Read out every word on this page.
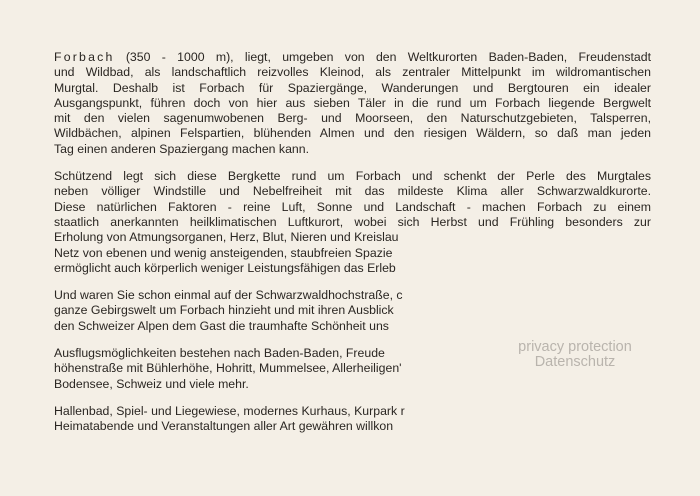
Forbach (350 - 1000 m), liegt, umgeben von den Weltkurorten Baden-Baden, Freudenstadt
und Wildbad, als landschaftlich reizvolles Kleinod, als zentraler Mittelpunkt im wildromantischen
Murgtal. Deshalb ist Forbach für Spaziergänge, Wanderungen und Bergtouren ein idealer
Ausgangspunkt, führen doch von hier aus sieben Täler in die rund um Forbach liegende Bergwelt
mit den vielen sagenumwobenen Berg- und Moorseen, den Naturschutzgebieten, Talsperren,
Wildbächen, alpinen Felspartien, blühenden Almen und den riesigen Wäldern, so daß man jeden
Tag einen anderen Spaziergang machen kann.

Schützend legt sich diese Bergkette rund um Forbach und schenkt der Perle des Murgtales
neben völliger Windstille und Nebelfreiheit mit das mildeste Klima aller Schwarzwaldkurorte.
Diese natürlichen Faktoren - reine Luft, Sonne und Landschaft - machen Forbach zu einem
staatlich anerkannten heilklimatischen Luftkurort, wobei sich Herbst und Frühling besonders zur
Erholung von Atmungsorganen, Herz, Blut, Nieren und Kreislau
Netz von ebenen und wenig ansteigenden, staubfreien Spazie
ermöglicht auch körperlich weniger Leistungsfähigen das Erleb

Und waren Sie schon einmal auf der Schwarzwaldhochstraße, c
ganze Gebirgswelt um Forbach hinzieht und mit ihren Ausblick
den Schweizer Alpen dem Gast die traumhafte Schönheit uns

Ausflugsmöglichkeiten bestehen nach Baden-Baden, Freude
höhenstraße mit Bühlerhöhe, Hohritt, Mummelsee, Allerheiligen'
Bodensee, Schweiz und viele mehr.

Hallenbad, Spiel- und Liegewiese, modernes Kurhaus, Kurpark r
Heimatabende und Veranstaltungen aller Art gewähren willkon

privacy protection
Datenschutz
